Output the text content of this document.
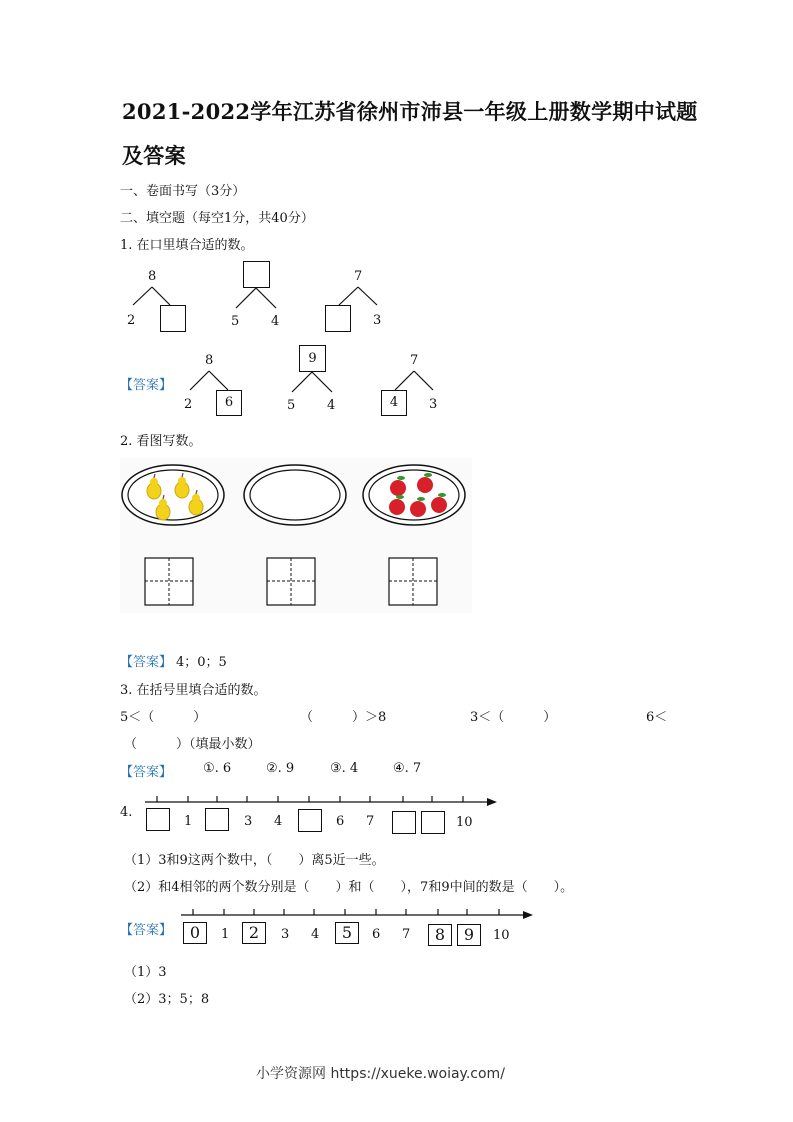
2021-2022学年江苏省徐州市沛县一年级上册数学期中试题
及答案
一、卷面书写（3分）
二、填空题（每空1分，共40分）
1. 在口里填合适的数。
8
2	5 4
7
3
【答案】
8
2	6
9
5 4
7
4	3
2. 看图写数。
【答案】 4；0；5
3. 在括号里填合适的数。
5＜（　　　）	（　　　）＞8	3＜（　　　）	6＜
（　　　）（填最小数）
【答案】 ①. 6	②. 9	③. 4	④. 7
4.
1	3 4	6 7	10
（1）3和9这两个数中，（　　）离5近一些。
（2）和4相邻的两个数分别是（　　）和（　　），7和9中间的数是（　　）。
【答案】	0	1	2	3 4	5	6 7	8	9	10
（1）3
（2）3；5；8
小学资源网 https://xueke.woiay.com/
